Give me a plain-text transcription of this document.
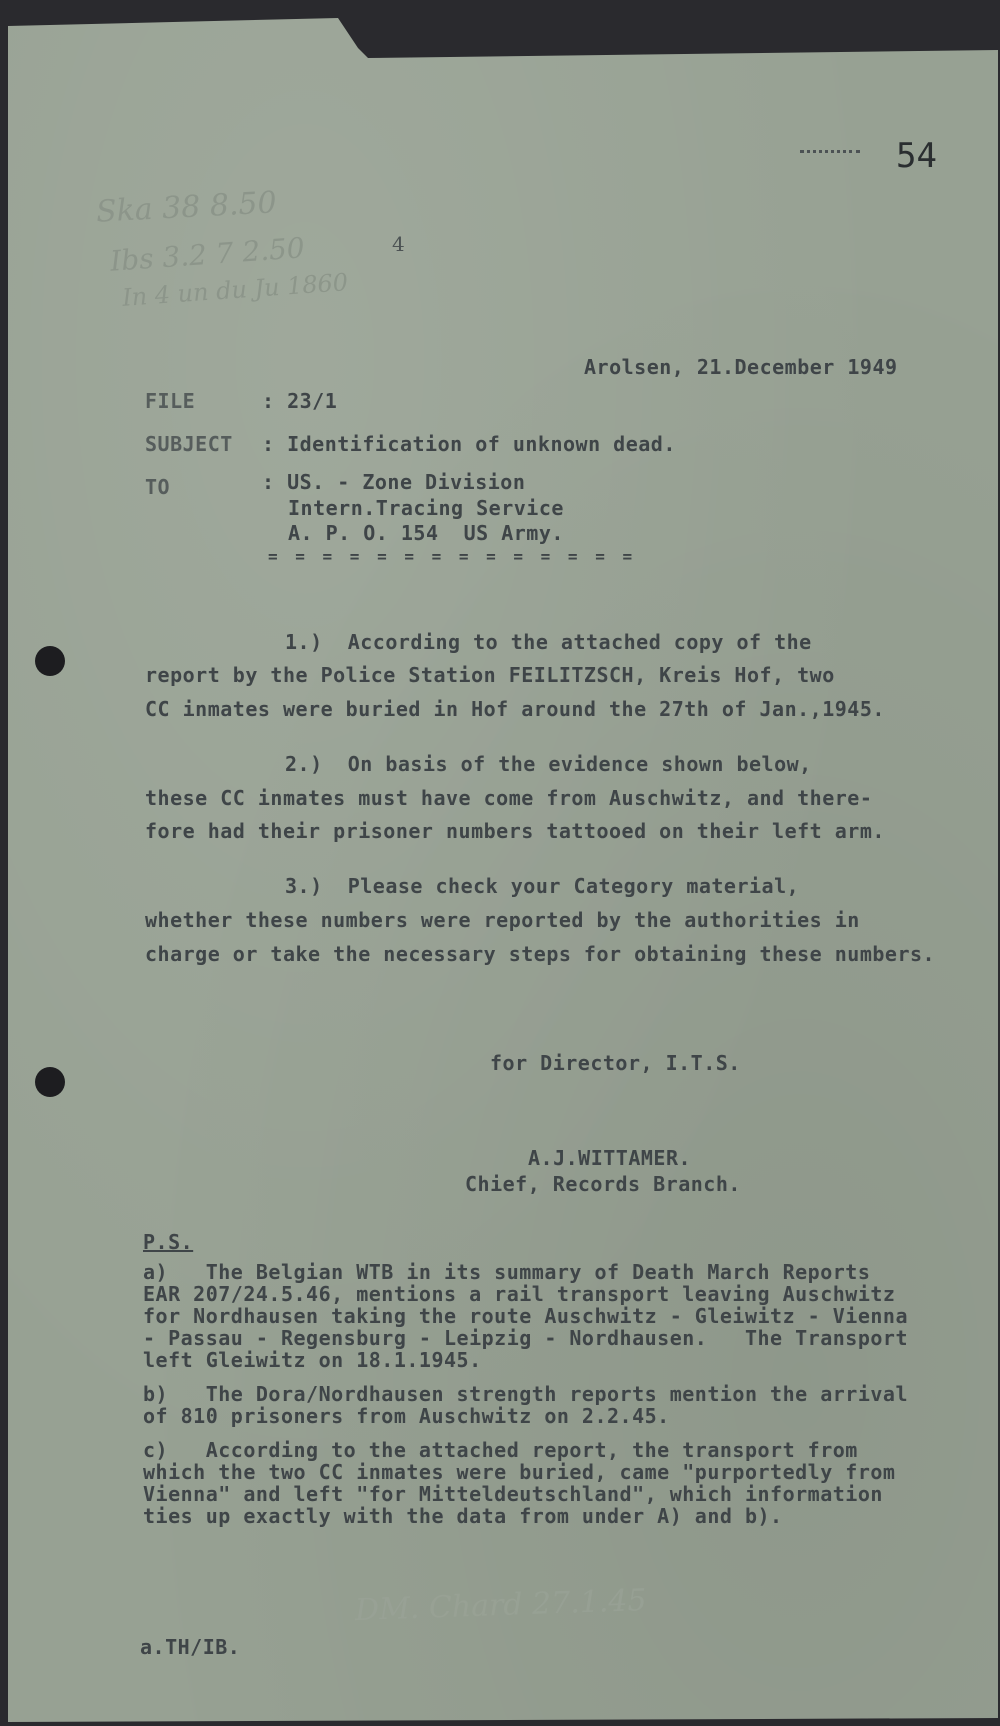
54

Ska 38 8.50

Ibs 3.2 7 2.50

In 4 un du Ju 1860

4

Arolsen, 21.December 1949

FILE	: 23/1

SUBJECT : Identification of unknown dead.

TO	: US. - Zone Division

Intern.Tracing Service

A. P. O. 154  US Army.

= = = = = = = = = = = = = =

1.)  According to the attached copy of the

report by the Police Station FEILITZSCH, Kreis Hof, two

CC inmates were buried in Hof around the 27th of Jan.,1945.

2.)  On basis of the evidence shown below,

these CC inmates must have come from Auschwitz, and there-

fore had their prisoner numbers tattooed on their left arm.

3.)  Please check your Category material,

whether these numbers were reported by the authorities in

charge or take the necessary steps for obtaining these numbers.

for Director, I.T.S.

A.J.WITTAMER.

Chief, Records Branch.

P.S.

a)   The Belgian WTB in its summary of Death March Reports

EAR 207/24.5.46, mentions a rail transport leaving Auschwitz

for Nordhausen taking the route Auschwitz - Gleiwitz - Vienna

- Passau - Regensburg - Leipzig - Nordhausen.   The Transport

left Gleiwitz on 18.1.1945.

b)   The Dora/Nordhausen strength reports mention the arrival

of 810 prisoners from Auschwitz on 2.2.45.

c)   According to the attached report, the transport from

which the two CC inmates were buried, came "purportedly from

Vienna" and left "for Mitteldeutschland", which information

ties up exactly with the data from under A) and b).

DM. Chard 27.1.45

a.TH/IB.
